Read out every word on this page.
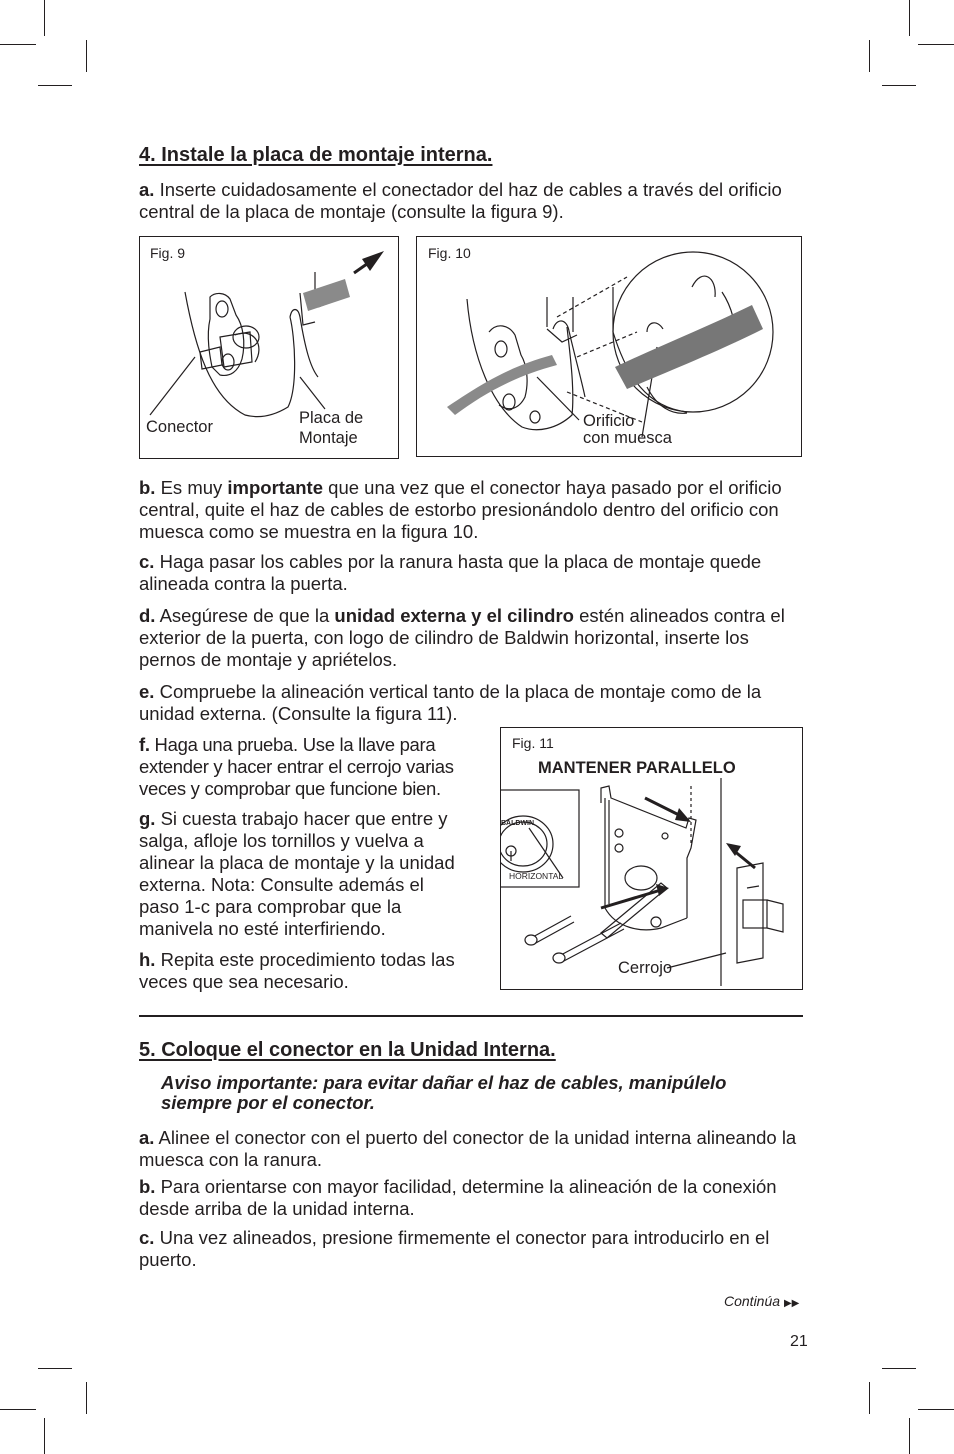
4. Instale la placa de montaje interna.

a. Inserte cuidadosamente el conectador del haz de cables a través del orificio central de la placa de montaje (consulte la figura 9).

Fig. 9
Conector	Placa de
Montaje
Fig. 10
Orificio
con muesca

b. Es muy importante que una vez que el conector haya pasado por el orificio central, quite el haz de cables de estorbo presionándolo dentro del orificio con muesca como se muestra en la figura 10.

c. Haga pasar los cables por la ranura hasta que la placa de montaje quede alineada contra la puerta.

d. Asegúrese de que la unidad externa y el cilindro estén alineados contra el exterior de la puerta, con logo de cilindro de Baldwin horizontal, inserte los pernos de montaje y apriételos.

e. Compruebe la alineación vertical tanto de la placa de montaje como de la unidad externa. (Consulte la figura 11).

f. Haga una prueba. Use la llave para extender y hacer entrar el cerrojo varias veces y comprobar que funcione bien.

g. Si cuesta trabajo hacer que entre y salga, afloje los tornillos y vuelva a alinear la placa de montaje y la unidad externa. Nota: Consulte además el paso 1-c para comprobar que la manivela no esté interfiriendo.

h. Repita este procedimiento todas las veces que sea necesario.

Fig. 11
MANTENER PARALLELO
BALDWIN
HORIZONTAL
Cerrojo
5. Coloque el conector en la Unidad Interna.
Aviso importante: para evitar dañar el haz de cables, manipúlelo siempre por el conector.

a. Alinee el conector con el puerto del conector de la unidad interna alineando la muesca con la ranura.

b. Para orientarse con mayor facilidad, determine la alineación de la conexión desde arriba de la unidad interna.

c. Una vez alineados, presione firmemente el conector para introducirlo en el puerto.

Continúa ▶▶
21
